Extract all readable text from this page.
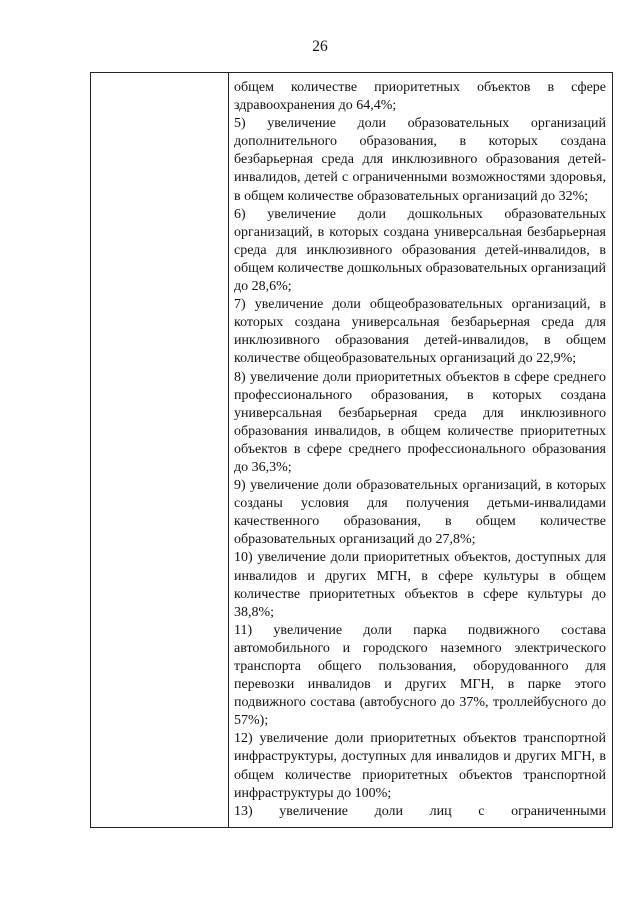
26

общем количестве приоритетных объектов в сфере здравоохранения до 64,4%;

5) увеличение доли образовательных организаций дополнительного образования, в которых создана безбарьерная среда для инклюзивного образования детей-инвалидов, детей с ограниченными возможностями здоровья, в общем количестве образовательных организаций до 32%;

6) увеличение доли дошкольных образовательных организаций, в которых создана универсальная безбарьерная среда для инклюзивного образования детей-инвалидов, в общем количестве дошкольных образовательных организаций до 28,6%;

7) увеличение доли общеобразовательных организаций, в которых создана универсальная безбарьерная среда для инклюзивного образования детей-инвалидов, в общем количестве общеобразовательных организаций до 22,9%;

8) увеличение доли приоритетных объектов в сфере среднего профессионального образования, в которых создана универсальная безбарьерная среда для инклюзивного образования инвалидов, в общем количестве приоритетных объектов в сфере среднего профессионального образования до 36,3%;

9) увеличение доли образовательных организаций, в которых созданы условия для получения детьми-инвалидами качественного образования, в общем количестве образовательных организаций до 27,8%;

10) увеличение доли приоритетных объектов, доступных для инвалидов и других МГН, в сфере культуры в общем количестве приоритетных объектов в сфере культуры до 38,8%;

11) увеличение доли парка подвижного состава автомобильного и городского наземного электрического транспорта общего пользования, оборудованного для перевозки инвалидов и других МГН, в парке этого подвижного состава (автобусного до 37%, троллейбусного до 57%);

12) увеличение доли приоритетных объектов транспортной инфраструктуры, доступных для инвалидов и других МГН, в общем количестве приоритетных объектов транспортной инфраструктуры до 100%;

13) увеличение доли лиц с ограниченными
